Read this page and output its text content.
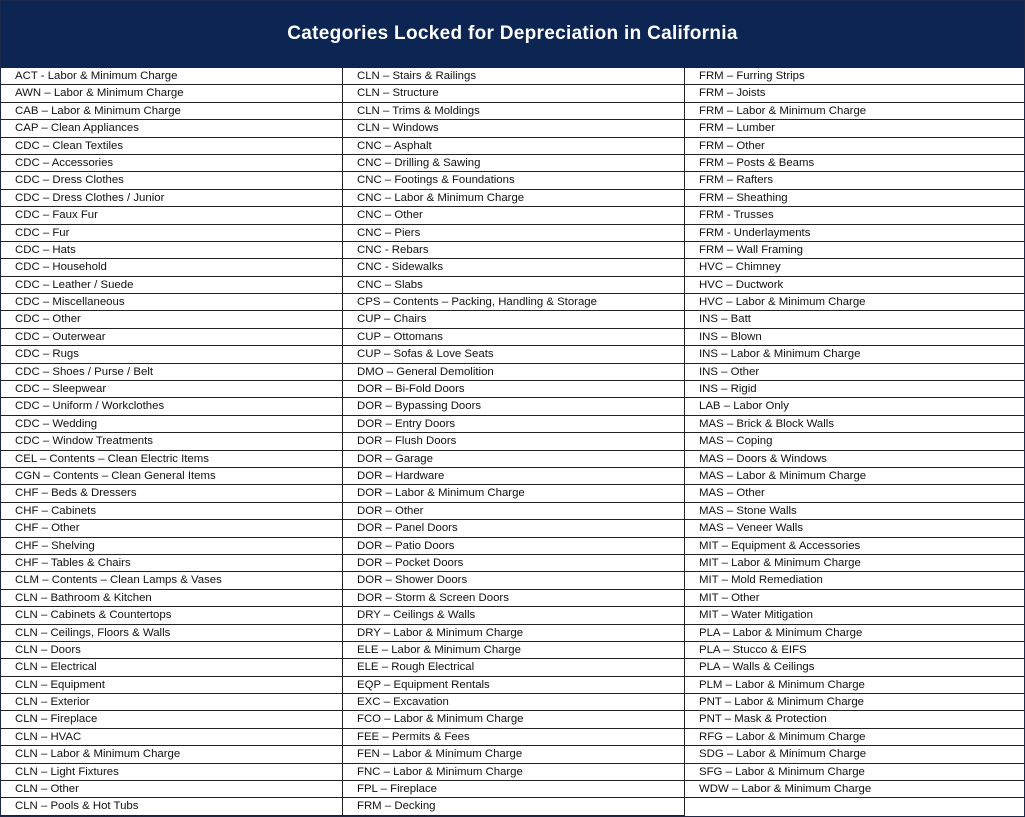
Categories Locked for Depreciation in California
ACT - Labor & Minimum Charge
AWN – Labor & Minimum Charge
CAB – Labor & Minimum Charge
CAP – Clean Appliances
CDC – Clean Textiles
CDC – Accessories
CDC – Dress Clothes
CDC – Dress Clothes / Junior
CDC – Faux Fur
CDC – Fur
CDC – Hats
CDC – Household
CDC – Leather / Suede
CDC – Miscellaneous
CDC – Other
CDC – Outerwear
CDC – Rugs
CDC – Shoes / Purse / Belt
CDC – Sleepwear
CDC – Uniform / Workclothes
CDC – Wedding
CDC – Window Treatments
CEL – Contents – Clean Electric Items
CGN – Contents – Clean General Items
CHF – Beds & Dressers
CHF – Cabinets
CHF – Other
CHF – Shelving
CHF – Tables & Chairs
CLM – Contents – Clean Lamps & Vases
CLN – Bathroom & Kitchen
CLN – Cabinets & Countertops
CLN – Ceilings, Floors & Walls
CLN – Doors
CLN – Electrical
CLN – Equipment
CLN – Exterior
CLN – Fireplace
CLN – HVAC
CLN – Labor & Minimum Charge
CLN – Light Fixtures
CLN – Other
CLN – Pools & Hot Tubs
CLN – Stairs & Railings
CLN – Structure
CLN – Trims & Moldings
CLN – Windows
CNC – Asphalt
CNC – Drilling & Sawing
CNC – Footings & Foundations
CNC – Labor & Minimum Charge
CNC – Other
CNC – Piers
CNC - Rebars
CNC - Sidewalks
CNC – Slabs
CPS – Contents – Packing, Handling & Storage
CUP – Chairs
CUP – Ottomans
CUP – Sofas & Love Seats
DMO – General Demolition
DOR – Bi-Fold Doors
DOR – Bypassing Doors
DOR – Entry Doors
DOR – Flush Doors
DOR – Garage
DOR – Hardware
DOR – Labor & Minimum Charge
DOR – Other
DOR – Panel Doors
DOR – Patio Doors
DOR – Pocket Doors
DOR – Shower Doors
DOR – Storm & Screen Doors
DRY – Ceilings & Walls
DRY – Labor & Minimum Charge
ELE – Labor & Minimum Charge
ELE – Rough Electrical
EQP – Equipment Rentals
EXC – Excavation
FCO – Labor & Minimum Charge
FEE – Permits & Fees
FEN – Labor & Minimum Charge
FNC – Labor & Minimum Charge
FPL – Fireplace
FRM – Decking
FRM – Furring Strips
FRM – Joists
FRM – Labor & Minimum Charge
FRM – Lumber
FRM – Other
FRM – Posts & Beams
FRM – Rafters
FRM – Sheathing
FRM - Trusses
FRM - Underlayments
FRM – Wall Framing
HVC – Chimney
HVC – Ductwork
HVC – Labor & Minimum Charge
INS – Batt
INS – Blown
INS – Labor & Minimum Charge
INS – Other
INS – Rigid
LAB – Labor Only
MAS – Brick & Block Walls
MAS – Coping
MAS – Doors & Windows
MAS – Labor & Minimum Charge
MAS – Other
MAS – Stone Walls
MAS – Veneer Walls
MIT – Equipment & Accessories
MIT – Labor & Minimum Charge
MIT – Mold Remediation
MIT – Other
MIT – Water Mitigation
PLA – Labor & Minimum Charge
PLA – Stucco & EIFS
PLA – Walls & Ceilings
PLM – Labor & Minimum Charge
PNT – Labor & Minimum Charge
PNT – Mask & Protection
RFG – Labor & Minimum Charge
SDG – Labor & Minimum Charge
SFG – Labor & Minimum Charge
WDW – Labor & Minimum Charge
